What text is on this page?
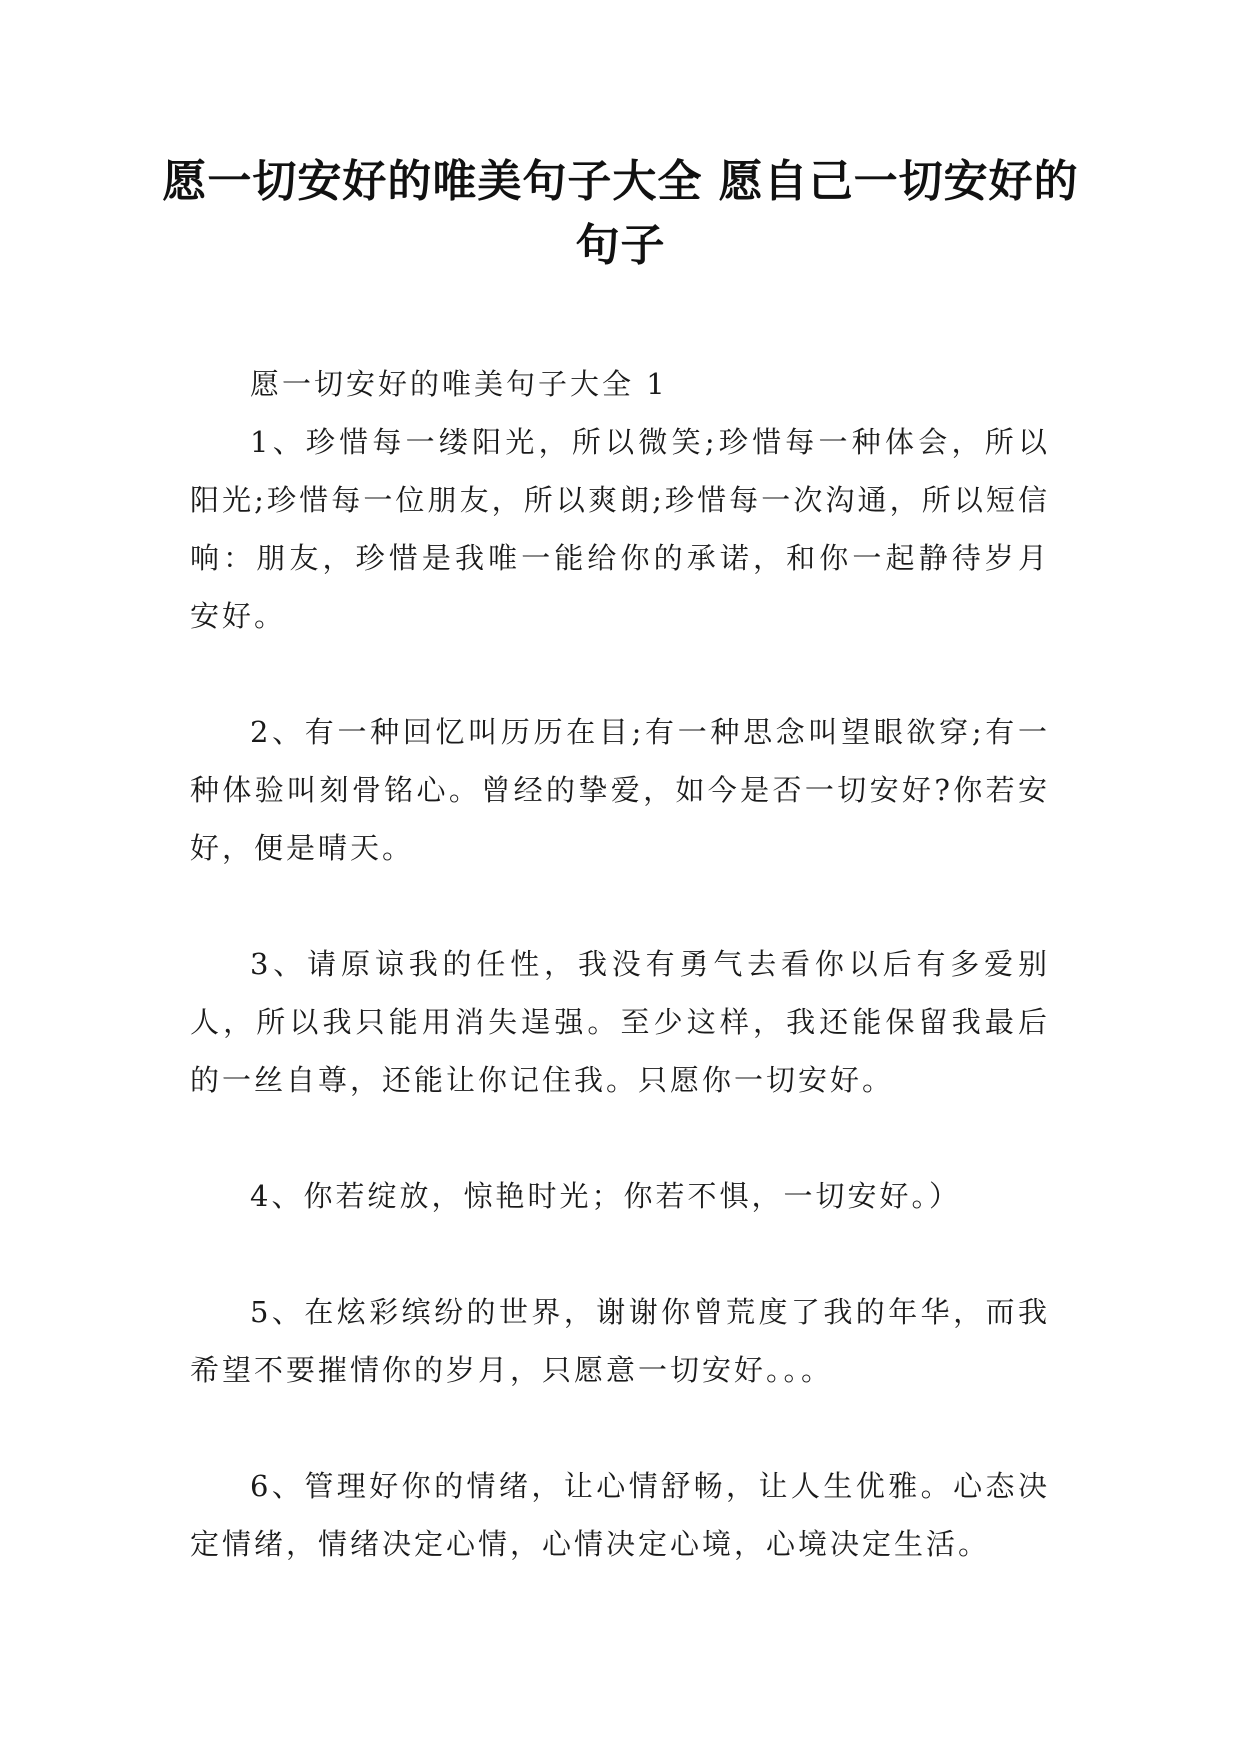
愿一切安好的唯美句子大全 愿自己一切安好的句子

愿一切安好的唯美句子大全 1

1、珍惜每一缕阳光，所以微笑;珍惜每一种体会，所以阳光;珍惜每一位朋友，所以爽朗;珍惜每一次沟通，所以短信响：朋友，珍惜是我唯一能给你的承诺，和你一起静待岁月安好。

2、有一种回忆叫历历在目;有一种思念叫望眼欲穿;有一种体验叫刻骨铭心。曾经的挚爱，如今是否一切安好?你若安好，便是晴天。

3、请原谅我的任性，我没有勇气去看你以后有多爱别人，所以我只能用消失逞强。至少这样，我还能保留我最后的一丝自尊，还能让你记住我。只愿你一切安好。

4、你若绽放，惊艳时光；你若不惧，一切安好。）

5、在炫彩缤纷的世界，谢谢你曾荒度了我的年华，而我希望不要摧情你的岁月，只愿意一切安好。。。

6、管理好你的情绪，让心情舒畅，让人生优雅。心态决定情绪，情绪决定心情，心情决定心境，心境决定生活。
